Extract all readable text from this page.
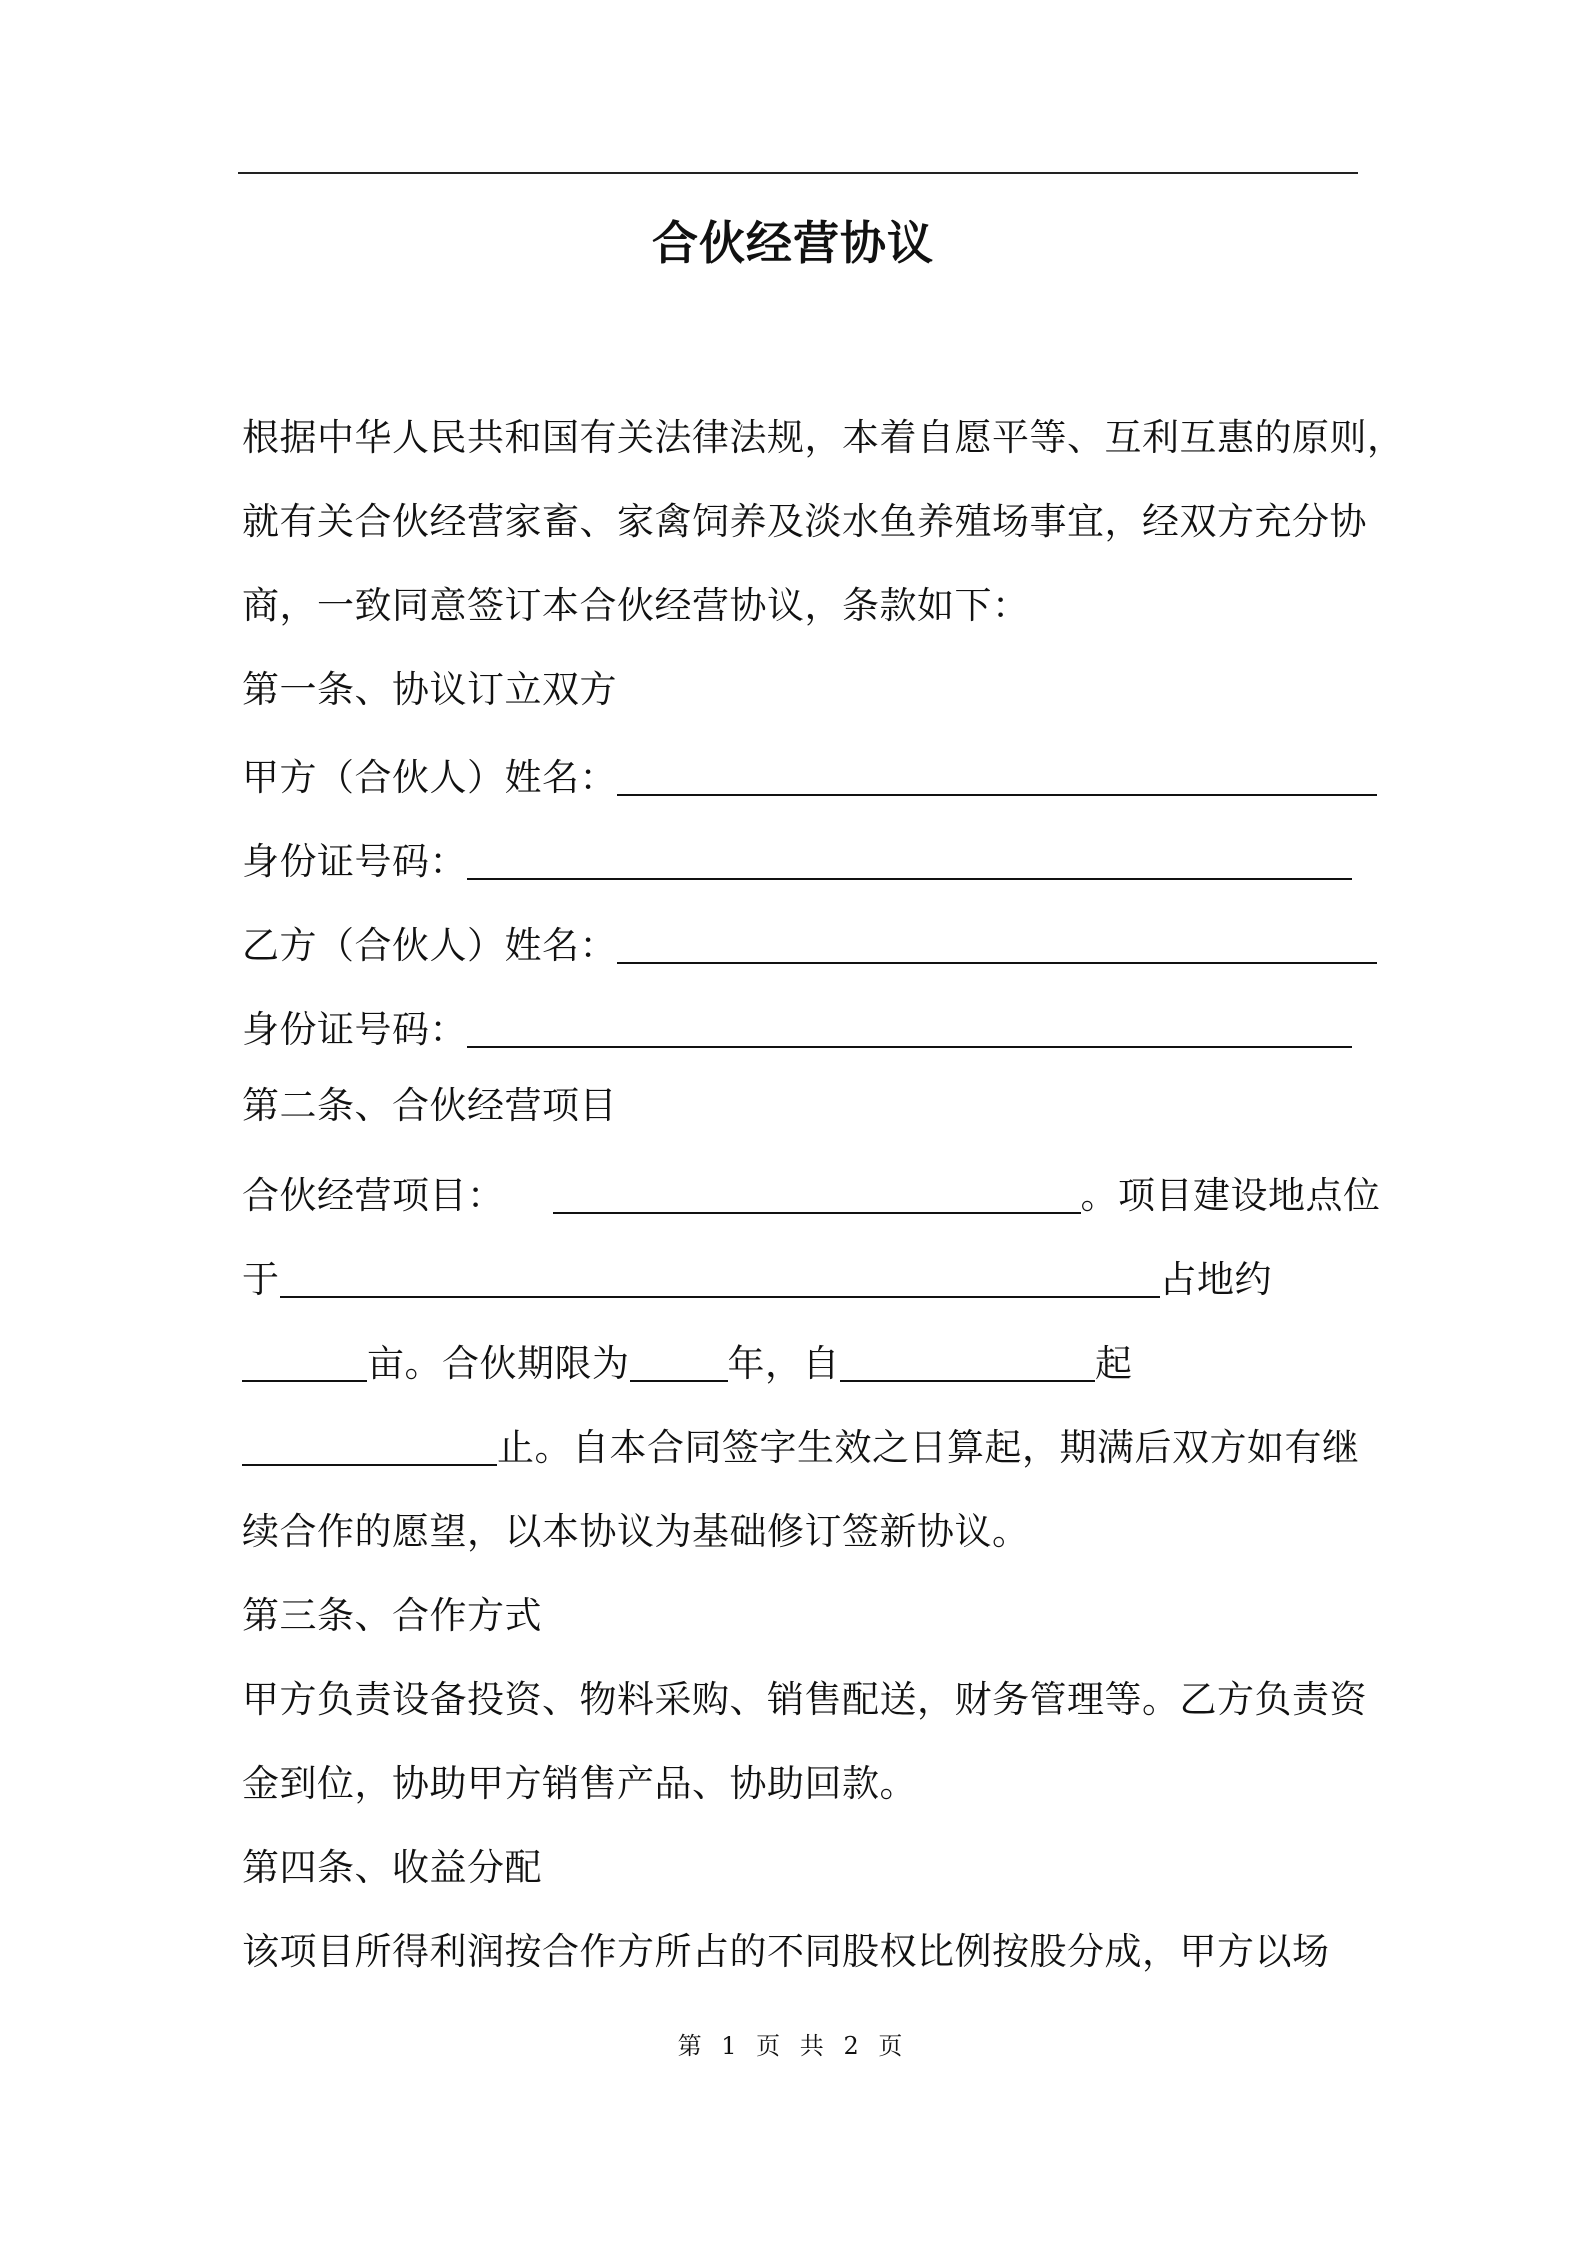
合伙经营协议
根据中华人民共和国有关法律法规，本着自愿平等、互利互惠的原则，
就有关合伙经营家畜、家禽饲养及淡水鱼养殖场事宜，经双方充分协
商，一致同意签订本合伙经营协议，条款如下：
第一条、协议订立双方
甲方（合伙人）姓名：
身份证号码：
乙方（合伙人）姓名：
身份证号码：
第二条、合伙经营项目
合伙经营项目：	。项目建设地点位
于	占地约
亩。合伙期限为	年，自	起
止。自本合同签字生效之日算起，期满后双方如有继
续合作的愿望，以本协议为基础修订签新协议。
第三条、合作方式
甲方负责设备投资、物料采购、销售配送，财务管理等。乙方负责资
金到位，协助甲方销售产品、协助回款。
第四条、收益分配
该项目所得利润按合作方所占的不同股权比例按股分成，甲方以场
第 1 页 共 2 页
